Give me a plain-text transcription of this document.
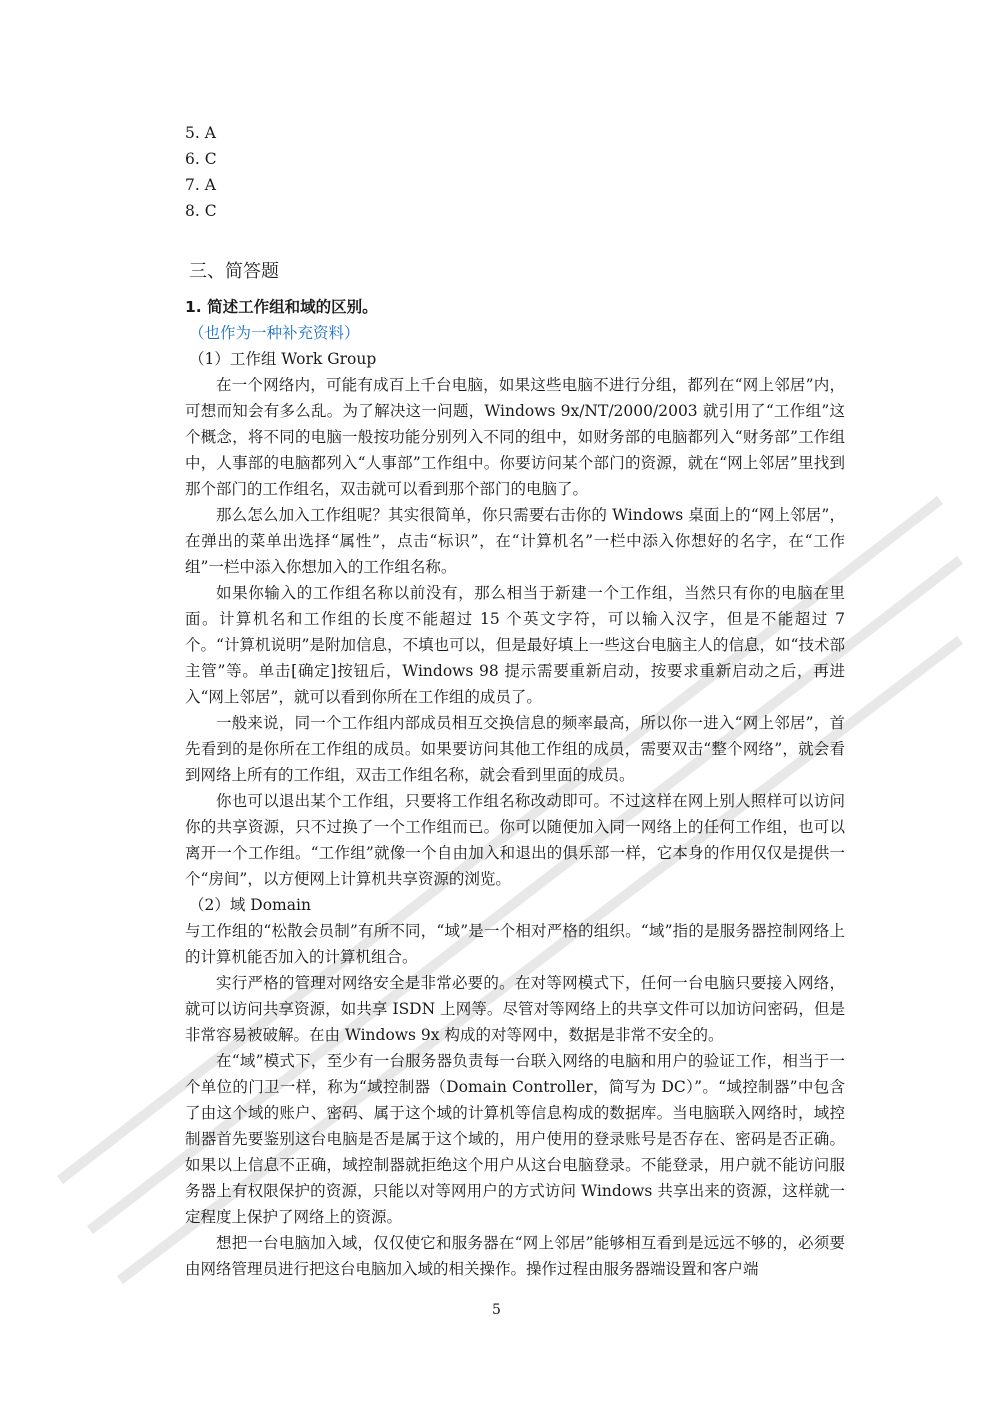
5. A
6. C
7. A
8. C
三、简答题
1. 简述工作组和域的区别。
（也作为一种补充资料）
（1）工作组 Work Group

在一个网络内，可能有成百上千台电脑，如果这些电脑不进行分组，都列在“网上邻居”内，可想而知会有多么乱。为了解决这一问题，Windows 9x/NT/2000/2003 就引用了“工作组”这个概念，将不同的电脑一般按功能分别列入不同的组中，如财务部的电脑都列入“财务部”工作组中，人事部的电脑都列入“人事部”工作组中。你要访问某个部门的资源，就在“网上邻居”里找到那个部门的工作组名，双击就可以看到那个部门的电脑了。

那么怎么加入工作组呢？其实很简单，你只需要右击你的 Windows 桌面上的“网上邻居”，在弹出的菜单出选择“属性”，点击“标识”，在“计算机名”一栏中添入你想好的名字，在“工作组”一栏中添入你想加入的工作组名称。

如果你输入的工作组名称以前没有，那么相当于新建一个工作组，当然只有你的电脑在里面。计算机名和工作组的长度不能超过 15 个英文字符，可以输入汉字，但是不能超过 7 个。“计算机说明”是附加信息，不填也可以，但是最好填上一些这台电脑主人的信息，如“技术部主管”等。单击[确定]按钮后，Windows 98 提示需要重新启动，按要求重新启动之后，再进入“网上邻居”，就可以看到你所在工作组的成员了。

一般来说，同一个工作组内部成员相互交换信息的频率最高，所以你一进入“网上邻居”，首先看到的是你所在工作组的成员。如果要访问其他工作组的成员，需要双击“整个网络”，就会看到网络上所有的工作组，双击工作组名称，就会看到里面的成员。

你也可以退出某个工作组，只要将工作组名称改动即可。不过这样在网上别人照样可以访问你的共享资源，只不过换了一个工作组而已。你可以随便加入同一网络上的任何工作组，也可以离开一个工作组。“工作组”就像一个自由加入和退出的俱乐部一样，它本身的作用仅仅是提供一个“房间”，以方便网上计算机共享资源的浏览。

（2）域 Domain

与工作组的“松散会员制”有所不同，“域”是一个相对严格的组织。“域”指的是服务器控制网络上的计算机能否加入的计算机组合。

实行严格的管理对网络安全是非常必要的。在对等网模式下，任何一台电脑只要接入网络，就可以访问共享资源，如共享 ISDN 上网等。尽管对等网络上的共享文件可以加访问密码，但是非常容易被破解。在由 Windows 9x 构成的对等网中，数据是非常不安全的。

在“域”模式下，至少有一台服务器负责每一台联入网络的电脑和用户的验证工作，相当于一个单位的门卫一样，称为“域控制器（Domain Controller，简写为 DC）”。“域控制器”中包含了由这个域的账户、密码、属于这个域的计算机等信息构成的数据库。当电脑联入网络时，域控制器首先要鉴别这台电脑是否是属于这个域的，用户使用的登录账号是否存在、密码是否正确。如果以上信息不正确，域控制器就拒绝这个用户从这台电脑登录。不能登录，用户就不能访问服务器上有权限保护的资源，只能以对等网用户的方式访问 Windows 共享出来的资源，这样就一定程度上保护了网络上的资源。

想把一台电脑加入域，仅仅使它和服务器在“网上邻居”能够相互看到是远远不够的，必须要由网络管理员进行把这台电脑加入域的相关操作。操作过程由服务器端设置和客户端

5
